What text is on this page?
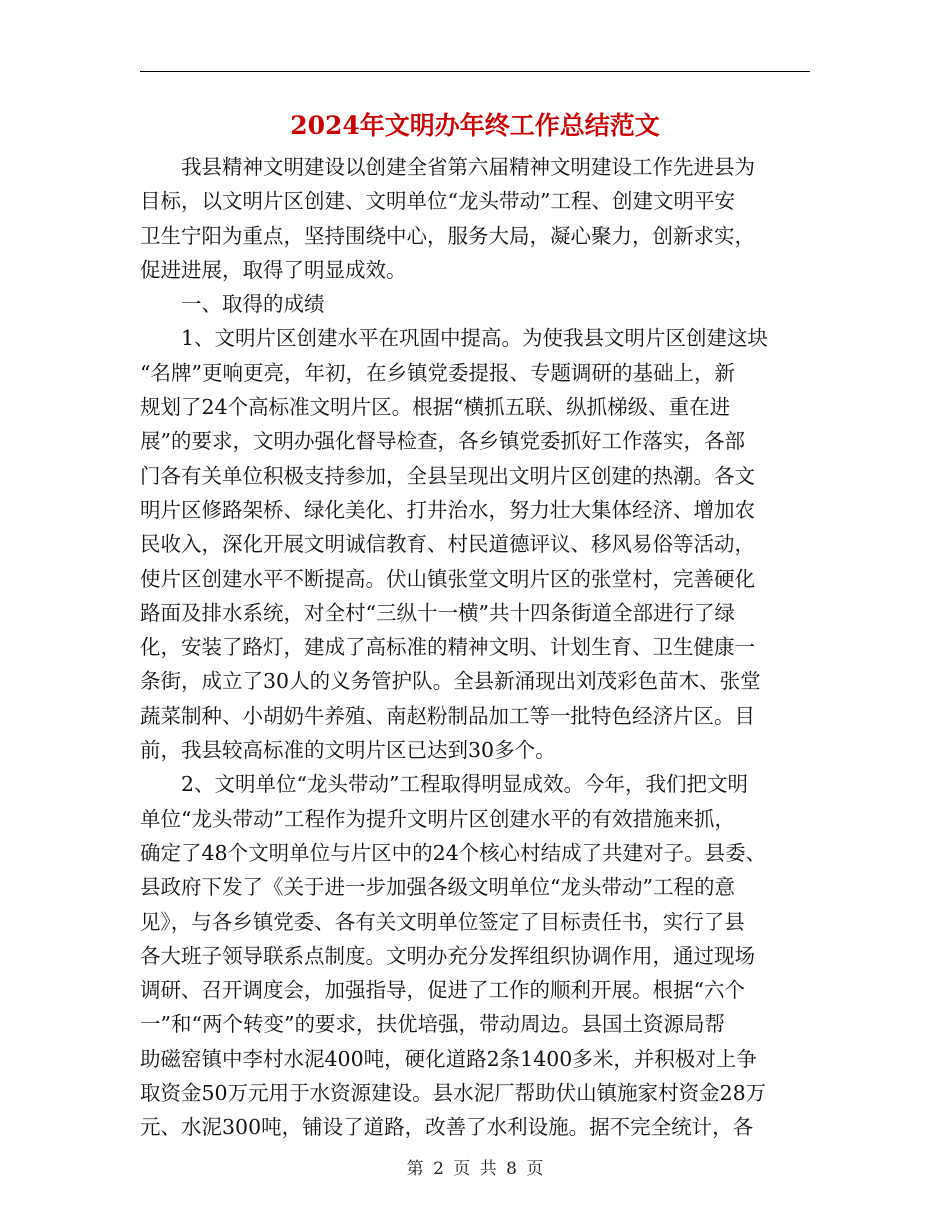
2024年文明办年终工作总结范文
　　我县精神文明建设以创建全省第六届精神文明建设工作先进县为
目标，以文明片区创建、文明单位“龙头带动”工程、创建文明平安
卫生宁阳为重点，坚持围绕中心，服务大局，凝心聚力，创新求实，
促进进展，取得了明显成效。
　　一、取得的成绩
　　1、文明片区创建水平在巩固中提高。为使我县文明片区创建这块
“名牌”更响更亮，年初，在乡镇党委提报、专题调研的基础上，新
规划了24个高标准文明片区。根据“横抓五联、纵抓梯级、重在进
展”的要求，文明办强化督导检查，各乡镇党委抓好工作落实，各部
门各有关单位积极支持参加，全县呈现出文明片区创建的热潮。各文
明片区修路架桥、绿化美化、打井治水，努力壮大集体经济、增加农
民收入，深化开展文明诚信教育、村民道德评议、移风易俗等活动，
使片区创建水平不断提高。伏山镇张堂文明片区的张堂村，完善硬化
路面及排水系统，对全村“三纵十一横”共十四条街道全部进行了绿
化，安装了路灯，建成了高标准的精神文明、计划生育、卫生健康一
条街，成立了30人的义务管护队。全县新涌现出刘茂彩色苗木、张堂
蔬菜制种、小胡奶牛养殖、南赵粉制品加工等一批特色经济片区。目
前，我县较高标准的文明片区已达到30多个。
　　2、文明单位“龙头带动”工程取得明显成效。今年，我们把文明
单位“龙头带动”工程作为提升文明片区创建水平的有效措施来抓，
确定了48个文明单位与片区中的24个核心村结成了共建对子。县委、
县政府下发了《关于进一步加强各级文明单位“龙头带动”工程的意
见》，与各乡镇党委、各有关文明单位签定了目标责任书，实行了县
各大班子领导联系点制度。文明办充分发挥组织协调作用，通过现场
调研、召开调度会，加强指导，促进了工作的顺利开展。根据“六个
一”和“两个转变”的要求，扶优培强，带动周边。县国土资源局帮
助磁窑镇中李村水泥400吨，硬化道路2条1400多米，并积极对上争
取资金50万元用于水资源建设。县水泥厂帮助伏山镇施家村资金28万
元、水泥300吨，铺设了道路，改善了水利设施。据不完全统计，各
第 2 页 共 8 页
